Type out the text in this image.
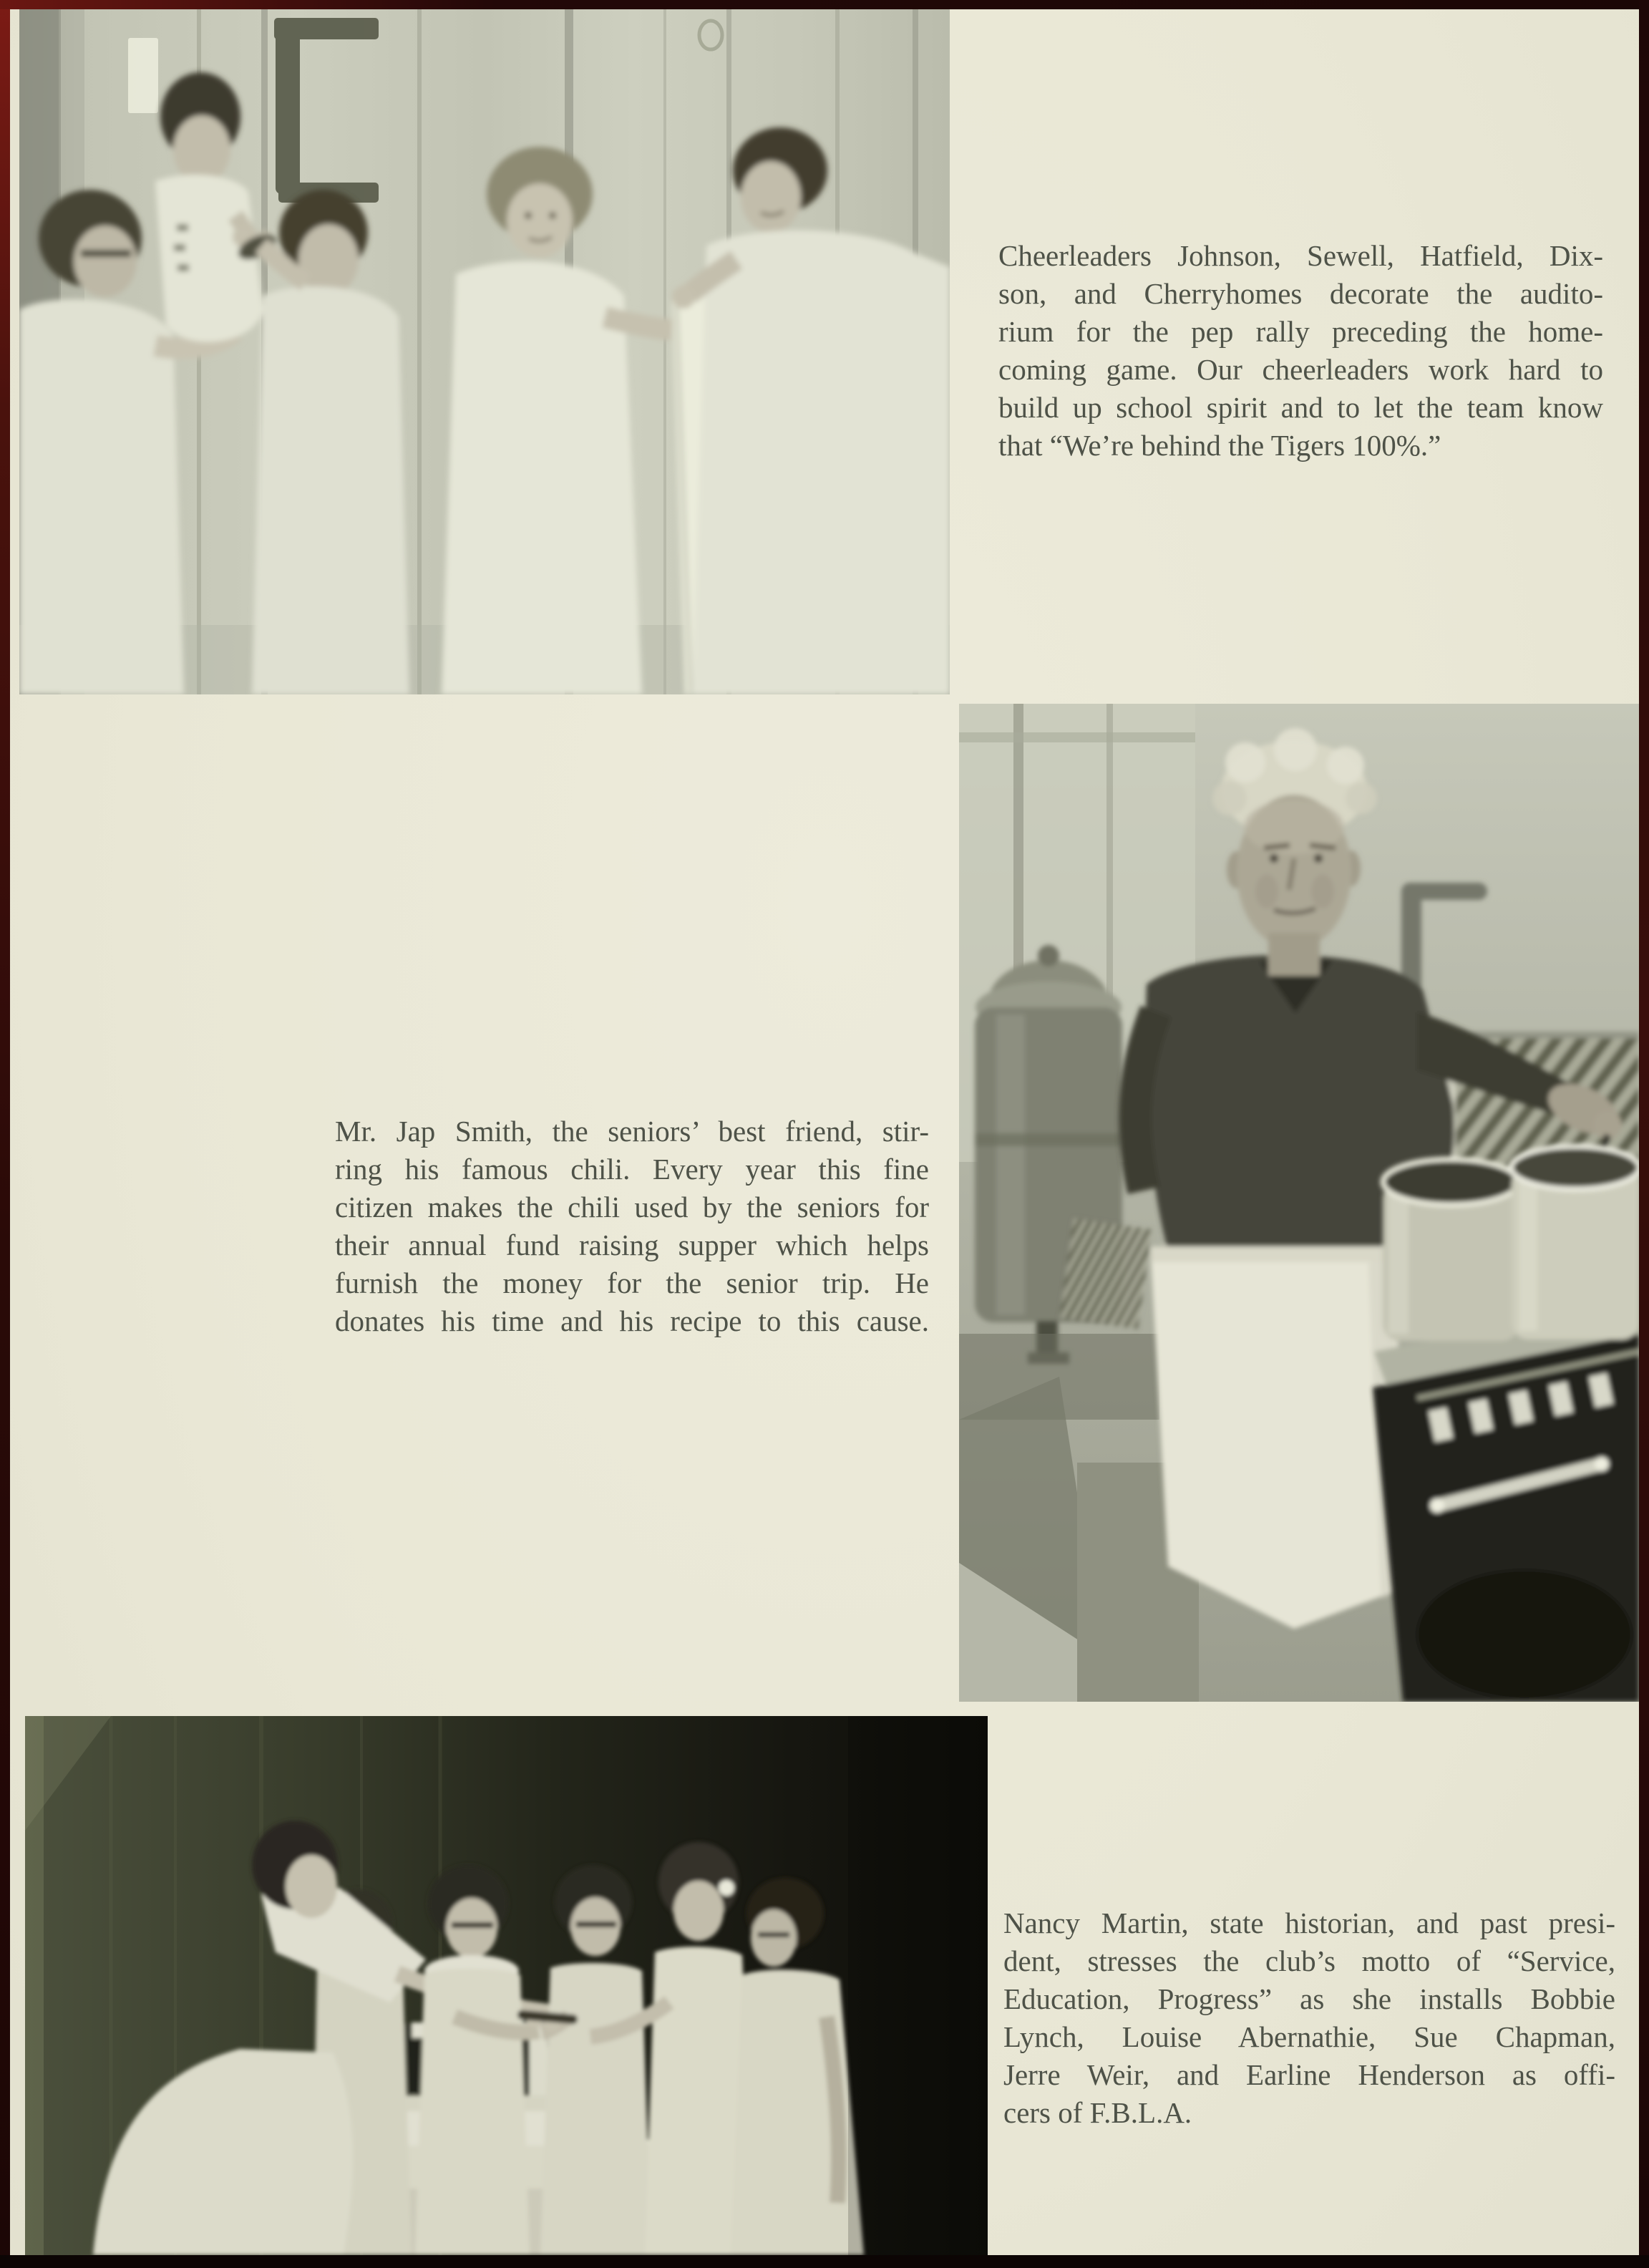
Cheerleaders Johnson, Sewell, Hatfield, Dix-
son, and Cherryhomes decorate the audito-
rium for the pep rally preceding the home-
coming game. Our cheerleaders work hard to
build up school spirit and to let the team know
that “We’re behind the Tigers 100%.”
Mr. Jap Smith, the seniors’ best friend, stir-
ring his famous chili. Every year this fine
citizen makes the chili used by the seniors for
their annual fund raising supper which helps
furnish the money for the senior trip. He
donates his time and his recipe to this cause.
Nancy Martin, state historian, and past presi-
dent, stresses the club’s motto of “Service,
Education, Progress” as she installs Bobbie
Lynch, Louise Abernathie, Sue Chapman,
Jerre Weir, and Earline Henderson as offi-
cers of F.B.L.A.
